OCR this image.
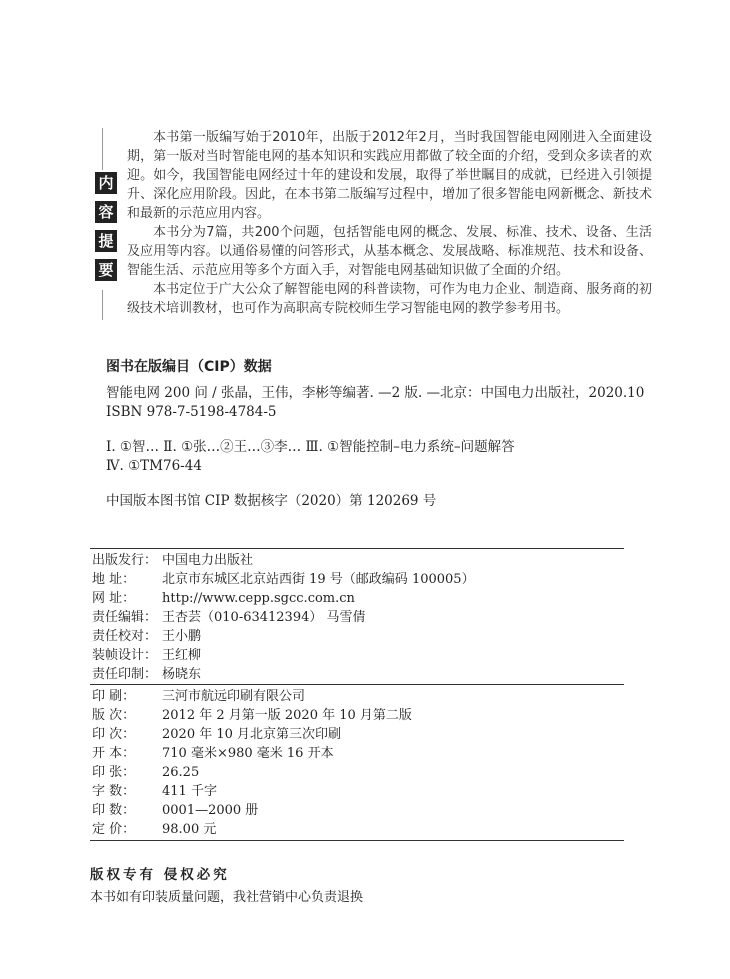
内
容
提
要

本书第一版编写始于2010年，出版于2012年2月，当时我国智能电网刚进入全面建设期，第一版对当时智能电网的基本知识和实践应用都做了较全面的介绍，受到众多读者的欢迎。如今，我国智能电网经过十年的建设和发展，取得了举世瞩目的成就，已经进入引领提升、深化应用阶段。因此，在本书第二版编写过程中，增加了很多智能电网新概念、新技术和最新的示范应用内容。

本书分为7篇，共200个问题，包括智能电网的概念、发展、标准、技术、设备、生活及应用等内容。以通俗易懂的问答形式，从基本概念、发展战略、标准规范、技术和设备、智能生活、示范应用等多个方面入手，对智能电网基础知识做了全面的介绍。

本书定位于广大公众了解智能电网的科普读物，可作为电力企业、制造商、服务商的初级技术培训教材，也可作为高职高专院校师生学习智能电网的教学参考用书。

图书在版编目（CIP）数据
智能电网 200 问 / 张晶，王伟，李彬等编著. —2 版. —北京：中国电力出版社，2020.10
ISBN 978-7-5198-4784-5
Ⅰ. ①智… Ⅱ. ①张…②王…③李… Ⅲ. ①智能控制–电力系统–问题解答
Ⅳ. ①TM76-44
中国版本图书馆 CIP 数据核字（2020）第 120269 号
出版发行： 中国电力出版社
地 址：	北京市东城区北京站西街 19 号（邮政编码 100005）
网 址：	http://www.cepp.sgcc.com.cn
责任编辑： 王杏芸（010-63412394） 马雪倩
责任校对： 王小鹏
装帧设计： 王红柳
责任印制： 杨晓东
印 刷：	三河市航远印刷有限公司
版 次：	2012 年 2 月第一版 2020 年 10 月第二版
印 次：	2020 年 10 月北京第三次印刷
开 本：	710 毫米×980 毫米 16 开本
印 张：	26.25
字 数：	411 千字
印 数：	0001—2000 册
定 价：	98.00 元
版权专有 侵权必究
本书如有印装质量问题，我社营销中心负责退换
